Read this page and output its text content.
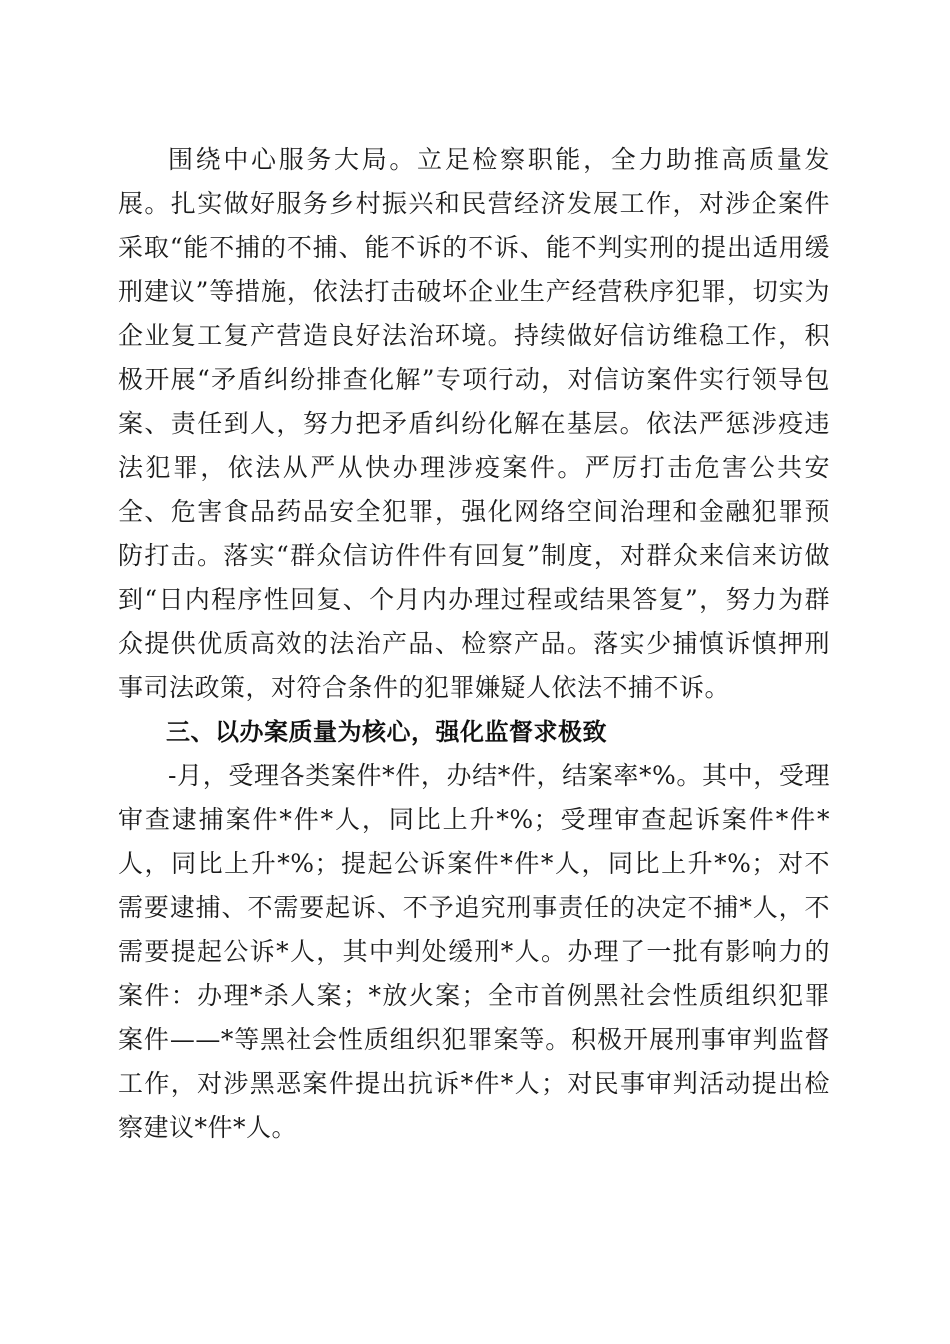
围绕中心服务大局。立足检察职能，全力助推高质量发展。扎实做好服务乡村振兴和民营经济发展工作，对涉企案件采取“能不捕的不捕、能不诉的不诉、能不判实刑的提出适用缓刑建议”等措施，依法打击破坏企业生产经营秩序犯罪，切实为企业复工复产营造良好法治环境。持续做好信访维稳工作，积极开展“矛盾纠纷排查化解”专项行动，对信访案件实行领导包案、责任到人，努力把矛盾纠纷化解在基层。依法严惩涉疫违法犯罪，依法从严从快办理涉疫案件。严厉打击危害公共安全、危害食品药品安全犯罪，强化网络空间治理和金融犯罪预防打击。落实“群众信访件件有回复”制度，对群众来信来访做到“日内程序性回复、个月内办理过程或结果答复”，努力为群众提供优质高效的法治产品、检察产品。落实少捕慎诉慎押刑事司法政策，对符合条件的犯罪嫌疑人依法不捕不诉。

三、以办案质量为核心，强化监督求极致

-月，受理各类案件*件，办结*件，结案率*%。其中，受理审查逮捕案件*件*人，同比上升*%；受理审查起诉案件*件*人，同比上升*%；提起公诉案件*件*人，同比上升*%；对不需要逮捕、不需要起诉、不予追究刑事责任的决定不捕*人，不需要提起公诉*人，其中判处缓刑*人。办理了一批有影响力的案件：办理*杀人案；*放火案；全市首例黑社会性质组织犯罪案件——*等黑社会性质组织犯罪案等。积极开展刑事审判监督工作，对涉黑恶案件提出抗诉*件*人；对民事审判活动提出检察建议*件*人。
